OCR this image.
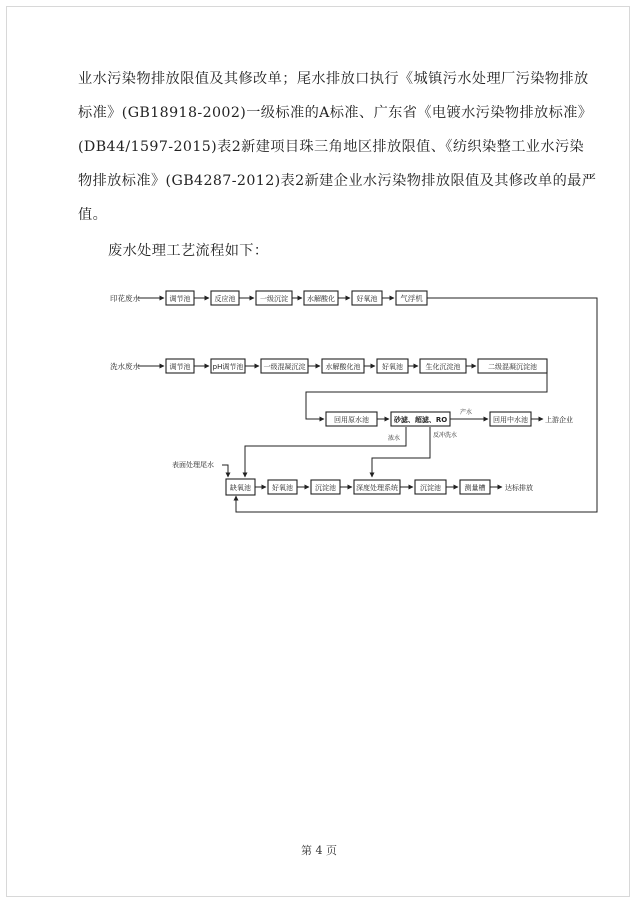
业水污染物排放限值及其修改单；尾水排放口执行《城镇污水处理厂污染物排放
标准》(GB18918-2002)一级标准的A标准、广东省《电镀水污染物排放标准》
(DB44/1597-2015)表2新建项目珠三角地区排放限值、《纺织染整工业水污染
物排放标准》(GB4287-2012)表2新建企业水污染物排放限值及其修改单的最严
值。

废水处理工艺流程如下：

印花废水	调节池	反应池	一级沉淀	水解酸化	好氧池	气浮机
洗水废水	调节池	pH调节池	一级混凝沉淀	水解酸化池	好氧池	生化沉淀池	二级混凝沉淀池
回用原水池	砂滤、超滤、RO	回用中水池 上游企业
产水
浓水	反冲洗水
表面处理尾水
缺氧池	好氧池	沉淀池	深度处理系统	沉淀池	测量槽	达标排放
第 4 页
